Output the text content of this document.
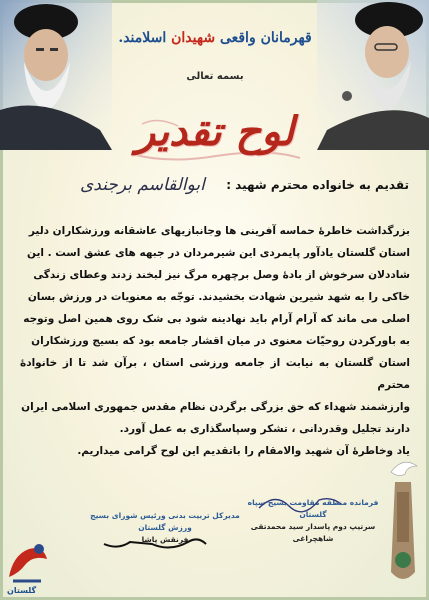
قهرمانان واقعی شهیدان اسلامند.
بسمه تعالی
لوح تقدیر
تقدیم به خانواده محترم شهید :
ابوالقاسم برجندی

بزرگداشت خاطرهٔ حماسه آفرینی ها وجانبازیهای عاشقانه ورزشکاران دلیر

استان گلستان یادآور پایمردی این شیرمردان در جبهه های عشق است . این

شاددلان سرخوش از بادهٔ وصل برچهره مرگ نیز لبخند زدند وعطای زندگی

خاکی را به شهد شیرین شهادت بخشیدند. توجّه به معنویات در ورزش بسان

اصلی می ماند که آرام آرام باید نهادینه شود بی شک روی همین اصل وتوجه

به باورکردن روحیّات معنوی در میان اقشار جامعه بود که بسیج ورزشکاران

استان گلستان به نیابت از جامعه ورزشی استان ، برآن شد تا از خانوادهٔ محترم

وارزشمند شهداء که حق بزرگی برگردن نظام مقدس جمهوری اسلامی ایران

دارند تجلیل وقدردانی ، تشکر وسپاسگذاری به عمل آورد.

یاد وخاطرهٔ آن شهید والامقام را باتقدیم این لوح گرامی میداریم.

فرمانده منطقه مقاومت بسیج سپاه گلستان
سرتیپ دوم پاسدار سید محمدتقی شاهچراغی
مدیرکل تربیت بدنی ورئیس شورای بسیج ورزش گلستان
فرنقش پاشا
گلستان
